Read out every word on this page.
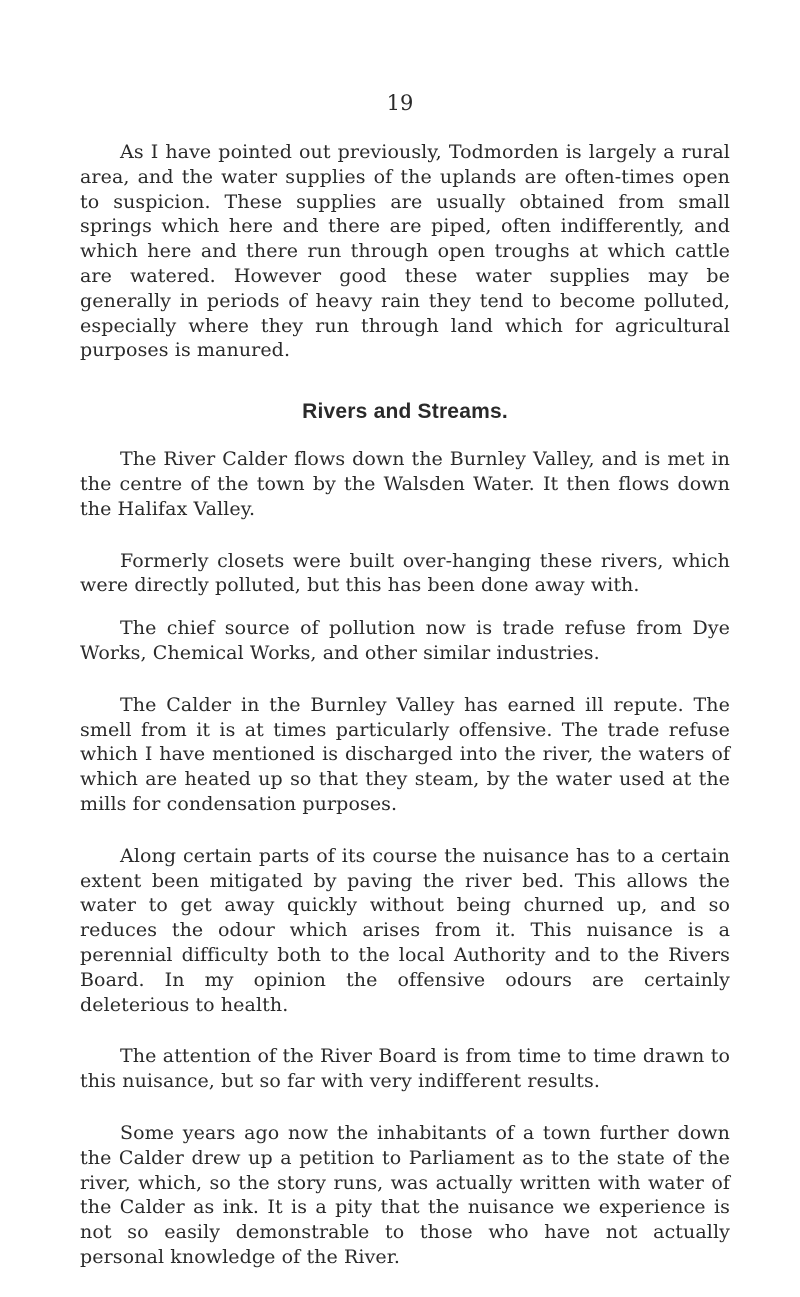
19

As I have pointed out previously, Todmorden is largely a rural area, and the water supplies of the uplands are often-times open to suspicion. These supplies are usually obtained from small springs which here and there are piped, often indifferently, and which here and there run through open troughs at which cattle are watered. However good these water supplies may be generally in periods of heavy rain they tend to become polluted, especially where they run through land which for agricultural purposes is manured.

Rivers and Streams.

The River Calder flows down the Burnley Valley, and is met in the centre of the town by the Walsden Water. It then flows down the Halifax Valley.

Formerly closets were built over-hanging these rivers, which were directly polluted, but this has been done away with.

The chief source of pollution now is trade refuse from Dye Works, Chemical Works, and other similar industries.

The Calder in the Burnley Valley has earned ill repute. The smell from it is at times particularly offensive. The trade refuse which I have mentioned is discharged into the river, the waters of which are heated up so that they steam, by the water used at the mills for condensation purposes.

Along certain parts of its course the nuisance has to a certain extent been mitigated by paving the river bed. This allows the water to get away quickly without being churned up, and so reduces the odour which arises from it. This nuisance is a perennial difficulty both to the local Authority and to the Rivers Board. In my opinion the offensive odours are certainly deleterious to health.

The attention of the River Board is from time to time drawn to this nuisance, but so far with very indifferent results.

Some years ago now the inhabitants of a town further down the Calder drew up a petition to Parliament as to the state of the river, which, so the story runs, was actually written with water of the Calder as ink. It is a pity that the nuisance we experience is not so easily demonstrable to those who have not actually personal knowledge of the River.
